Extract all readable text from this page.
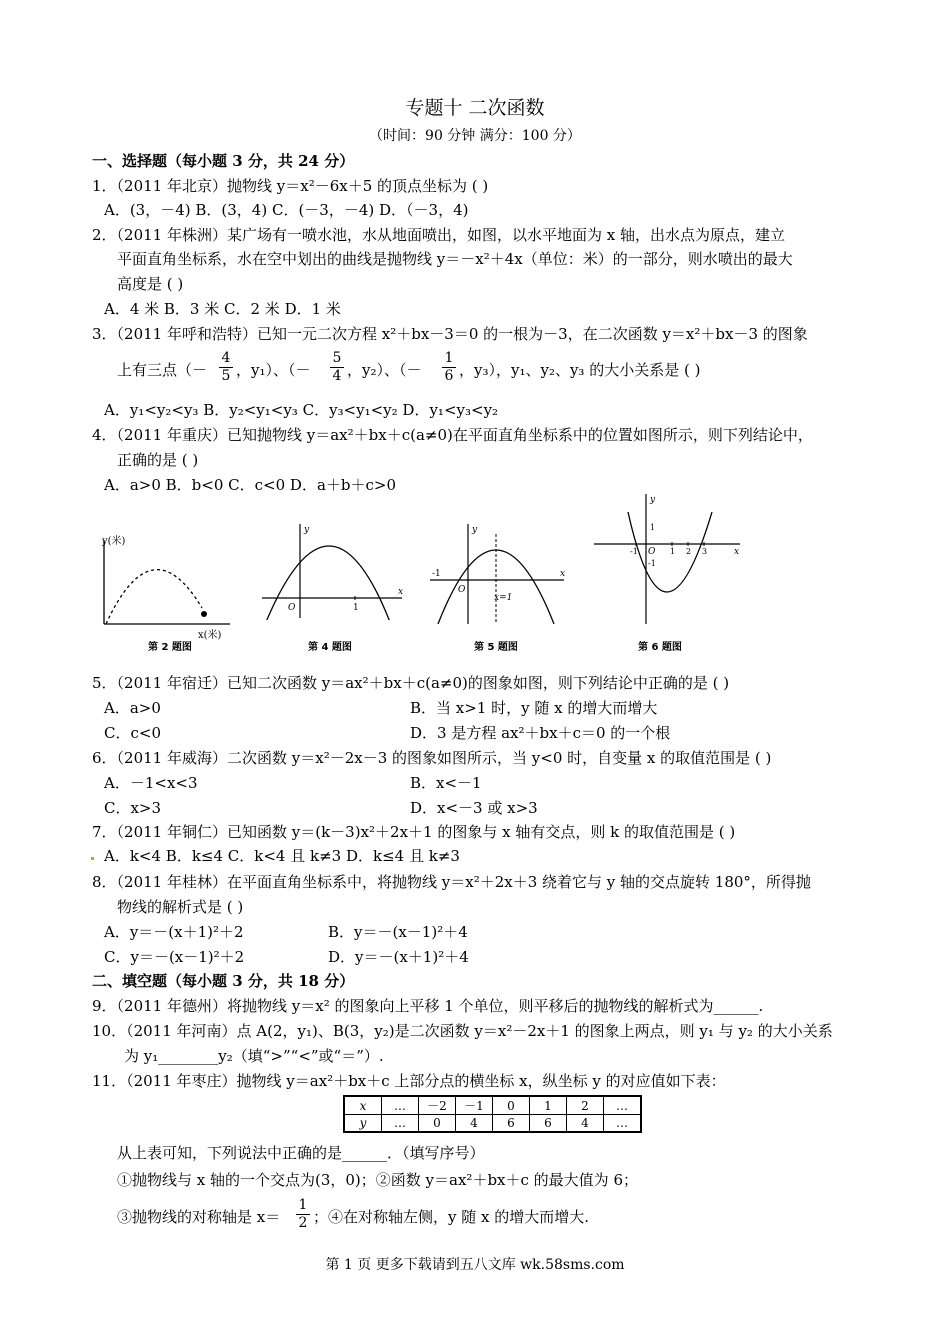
专题十 二次函数
（时间：90 分钟 满分：100 分）
一、选择题（每小题 3 分，共 24 分）
1．（2011 年北京）抛物线 y＝x²－6x＋5 的顶点坐标为 ( )
A．(3，－4) B．(3，4) C．(－3，－4) D．（－3，4)
2．（2011 年株洲）某广场有一喷水池，水从地面喷出，如图，以水平地面为 x 轴，出水点为原点，建立
平面直角坐标系，水在空中划出的曲线是抛物线 y＝－x²＋4x（单位：米）的一部分，则水喷出的最大
高度是 ( )
A．4 米 B．3 米 C．2 米 D．1 米
3．（2011 年呼和浩特）已知一元二次方程 x²＋bx－3＝0 的一根为－3，在二次函数 y＝x²＋bx－3 的图象
上有三点（－ $\frac{4}{5}$ ，y₁）、（－ $\frac{5}{4}$ ，y₂）、（－ $\frac{1}{6}$ ，y₃），y₁、y₂、y₃ 的大小关系是 ( )
A．y₁<y₂<y₃ B．y₂<y₁<y₃ C．y₃<y₁<y₂ D．y₁<y₃<y₂
4．（2011 年重庆）已知抛物线 y＝ax²＋bx＋c(a≠0)在平面直角坐标系中的位置如图所示，则下列结论中，
正确的是 ( )
A．a>0 B．b<0 C．c<0 D．a＋b＋c>0
y(米)
x(米)
第 2 题图
y
x
O	1
第 4 题图
y
x
O
-1
x=1
第 5 题图
y
x
O
-1	1 2 3
1
-1
第 6 题图
5．（2011 年宿迁）已知二次函数 y＝ax²＋bx＋c(a≠0)的图象如图，则下列结论中正确的是 ( )
A．a>0	B．当 x>1 时，y 随 x 的增大而增大
C．c<0	D．3 是方程 ax²＋bx＋c＝0 的一个根
6．（2011 年威海）二次函数 y＝x²－2x－3 的图象如图所示，当 y<0 时，自变量 x 的取值范围是 ( )
A．－1<x<3	B．x<－1
C．x>3	D．x<－3 或 x>3
7．（2011 年铜仁）已知函数 y＝(k－3)x²＋2x＋1 的图象与 x 轴有交点，则 k 的取值范围是 ( )
A．k<4 B．k≤4 C．k<4 且 k≠3 D．k≤4 且 k≠3
8．（2011 年桂林）在平面直角坐标系中，将抛物线 y＝x²＋2x＋3 绕着它与 y 轴的交点旋转 180°，所得抛
物线的解析式是 ( )
A．y＝－(x＋1)²＋2	B．y＝－(x－1)²＋4
C．y＝－(x－1)²＋2	D．y＝－(x＋1)²＋4
二、填空题（每小题 3 分，共 18 分）
9．（2011 年德州）将抛物线 y＝x² 的图象向上平移 1 个单位，则平移后的抛物线的解析式为______.
10．（2011 年河南）点 A(2，y₁)、B(3，y₂)是二次函数 y＝x²－2x＋1 的图象上两点，则 y₁ 与 y₂ 的大小关系
为 y₁________y₂（填“>”“<”或“＝”）.
11．（2011 年枣庄）抛物线 y＝ax²＋bx＋c 上部分点的横坐标 x，纵坐标 y 的对应值如下表：
x	…	－2	－1	0	1	2	…
y	…	0	4	6	6	4	…
从上表可知，下列说法中正确的是______．（填写序号）
①抛物线与 x 轴的一个交点为(3，0)；②函数 y＝ax²＋bx＋c 的最大值为 6；
③抛物线的对称轴是 $x= \frac{1}{2}$ ；④在对称轴左侧，y 随 x 的增大而增大.
第 1 页 更多下载请到五八文库 wk.58sms.com
